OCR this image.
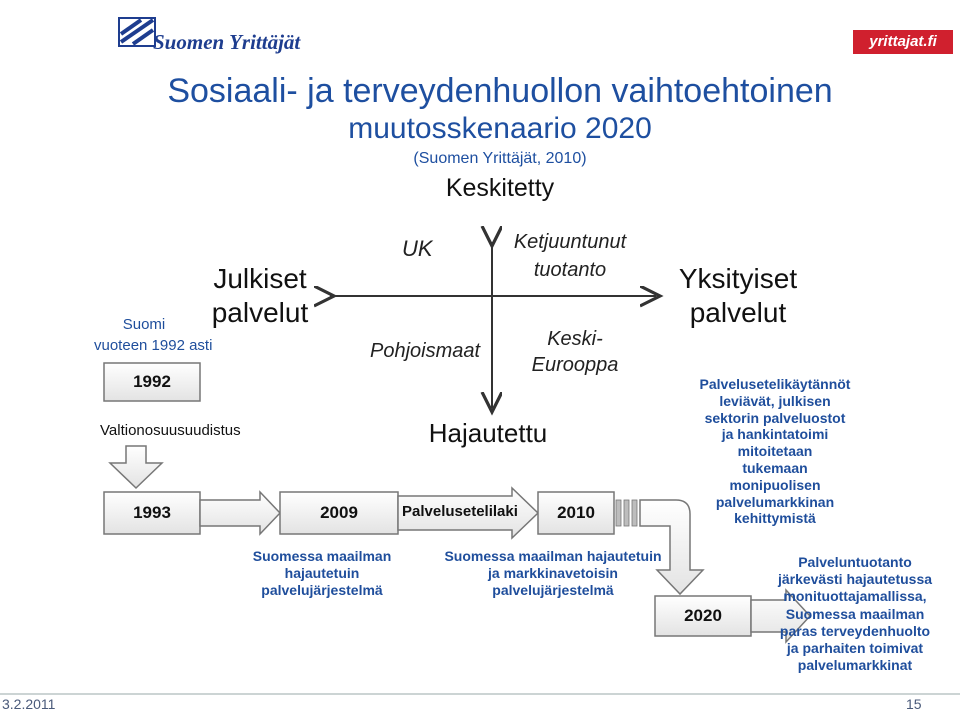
Suomen Yrittäjät	yrittajat.fi
Sosiaali- ja terveydenhuollon vaihtoehtoinen
muutosskenaario 2020
(Suomen Yrittäjät, 2010)
Keskitetty
Julkiset
palvelut
Yksityiset
palvelut
Hajautettu
UK
Pohjoismaat
Ketjuuntunut
tuotanto
Keski-
Eurooppa
Suomi
vuoteen 1992 asti
1992
Valtionosuusuudistus
1993	2009	Palvelusetelilaki	2010
2020
Suomessa maailman
hajautetuin
palvelujärjestelmä
Suomessa maailman hajautetuin
ja markkinavetoisin
palvelujärjestelmä
Palvelusetelikäytännöt
leviävät, julkisen
sektorin palveluostot
ja hankintatoimi
mitoitetaan
tukemaan
monipuolisen
palvelumarkkinan
kehittymistä
Palveluntuotanto
järkevästi hajautetussa
monituottajamallissa,
Suomessa maailman
paras terveydenhuolto
ja parhaiten toimivat
palvelumarkkinat
3.2.2011	15
